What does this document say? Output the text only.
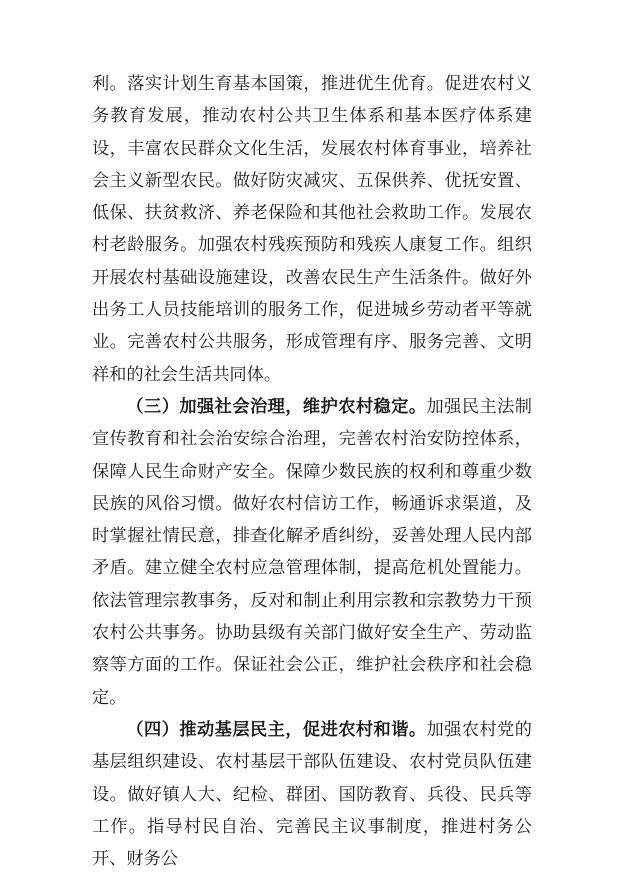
利。落实计划生育基本国策，推进优生优育。促进农村义务教育发展，推动农村公共卫生体系和基本医疗体系建设，丰富农民群众文化生活，发展农村体育事业，培养社会主义新型农民。做好防灾减灾、五保供养、优抚安置、低保、扶贫救济、养老保险和其他社会救助工作。发展农村老龄服务。加强农村残疾预防和残疾人康复工作。组织开展农村基础设施建设，改善农民生产生活条件。做好外出务工人员技能培训的服务工作，促进城乡劳动者平等就业。完善农村公共服务，形成管理有序、服务完善、文明祥和的社会生活共同体。

（三）加强社会治理，维护农村稳定。加强民主法制宣传教育和社会治安综合治理，完善农村治安防控体系，保障人民生命财产安全。保障少数民族的权利和尊重少数民族的风俗习惯。做好农村信访工作，畅通诉求渠道，及时掌握社情民意，排查化解矛盾纠纷，妥善处理人民内部矛盾。建立健全农村应急管理体制，提高危机处置能力。依法管理宗教事务，反对和制止利用宗教和宗教势力干预农村公共事务。协助县级有关部门做好安全生产、劳动监察等方面的工作。保证社会公正，维护社会秩序和社会稳定。

（四）推动基层民主，促进农村和谐。加强农村党的基层组织建设、农村基层干部队伍建设、农村党员队伍建设。做好镇人大、纪检、群团、国防教育、兵役、民兵等工作。指导村民自治、完善民主议事制度，推进村务公开、财务公
